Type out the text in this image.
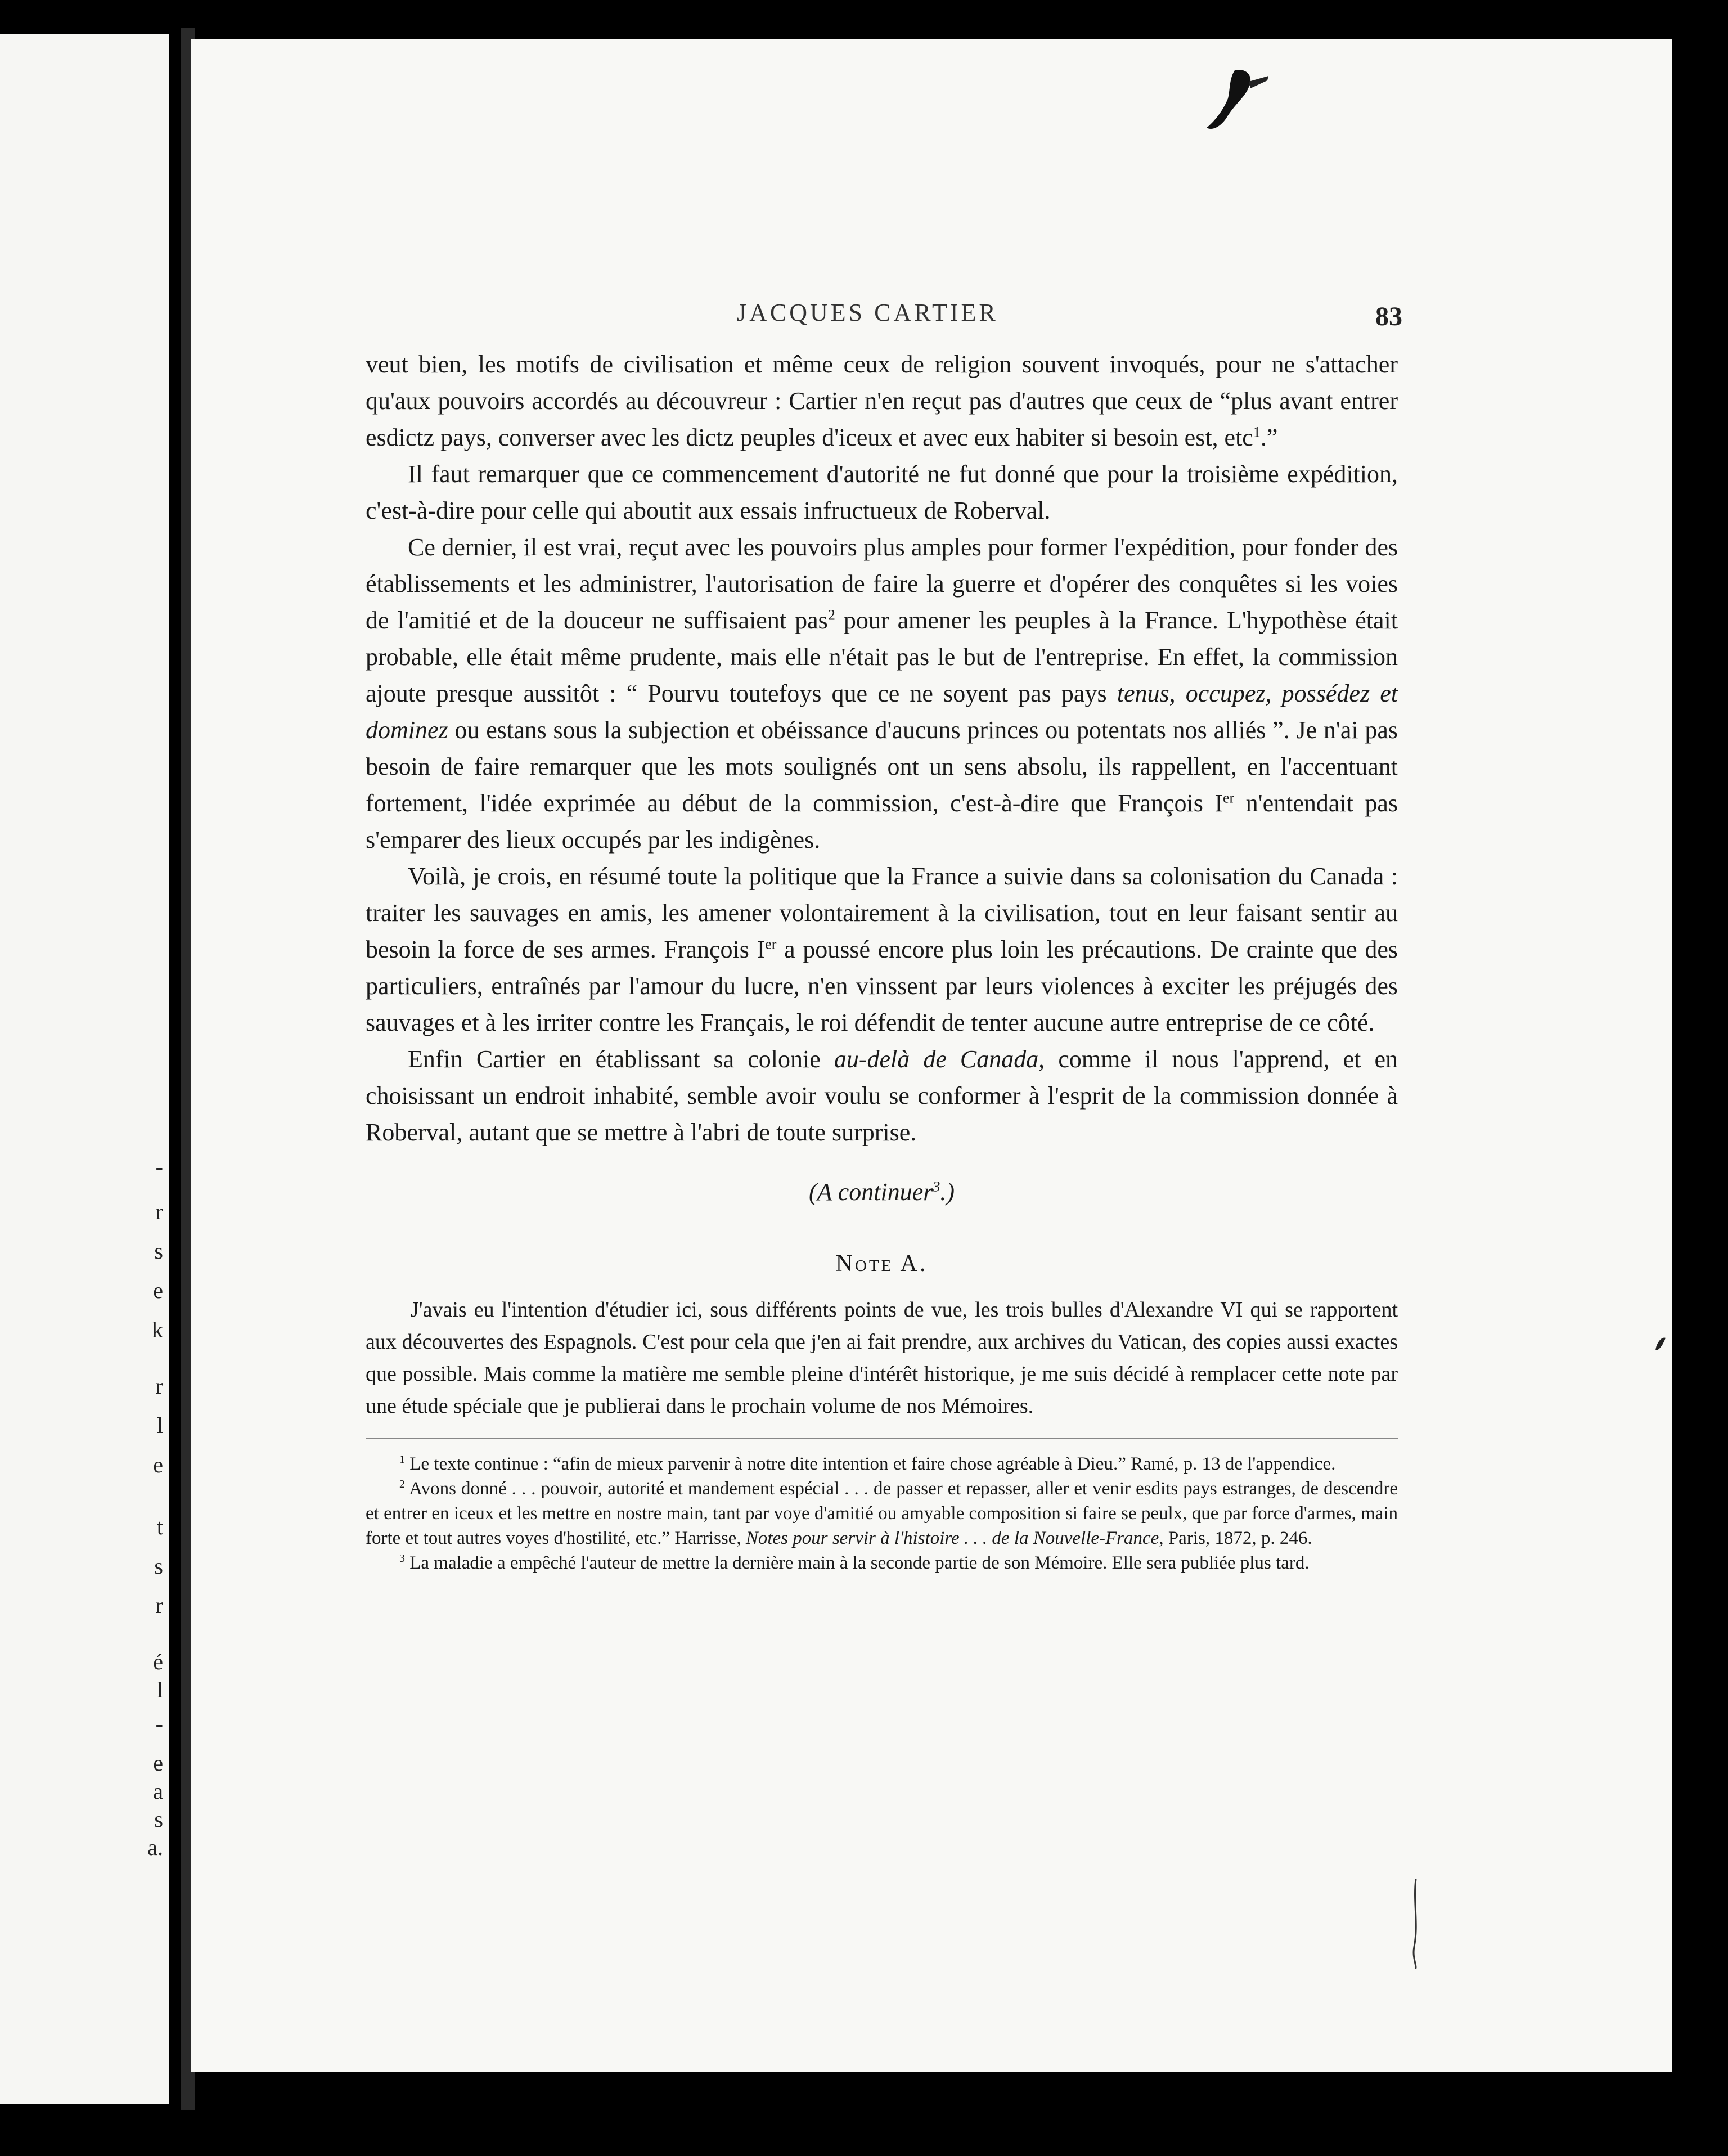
-
r
s
e
k
r
l
e
t
s
r
é
l
-
e
a
s
a.
JACQUES CARTIER	83

veut bien, les motifs de civilisation et même ceux de religion souvent invoqués, pour ne s'attacher qu'aux pouvoirs accordés au découvreur : Cartier n'en reçut pas d'autres que ceux de “plus avant entrer esdictz pays, converser avec les dictz peuples d'iceux et avec eux habiter si besoin est, etc$^1$.”

Il faut remarquer que ce commencement d'autorité ne fut donné que pour la troisième expédition, c'est-à-dire pour celle qui aboutit aux essais infructueux de Roberval.

Ce dernier, il est vrai, reçut avec les pouvoirs plus amples pour former l'expédition, pour fonder des établissements et les administrer, l'autorisation de faire la guerre et d'opérer des conquêtes si les voies de l'amitié et de la douceur ne suffisaient pas$^2$ pour amener les peuples à la France. L'hypothèse était probable, elle était même prudente, mais elle n'était pas le but de l'entreprise. En effet, la commission ajoute presque aussitôt : “ Pourvu toutefoys que ce ne soyent pas pays tenus, occupez, possédez et dominez ou estans sous la subjection et obéissance d'aucuns princes ou potentats nos alliés ”. Je n'ai pas besoin de faire remarquer que les mots soulignés ont un sens absolu, ils rappellent, en l'accentuant fortement, l'idée exprimée au début de la commission, c'est-à-dire que François Ier n'entendait pas s'emparer des lieux occupés par les indigènes.

Voilà, je crois, en résumé toute la politique que la France a suivie dans sa colonisation du Canada : traiter les sauvages en amis, les amener volontairement à la civilisation, tout en leur faisant sentir au besoin la force de ses armes. François Ier a poussé encore plus loin les précautions. De crainte que des particuliers, entraînés par l'amour du lucre, n'en vinssent par leurs violences à exciter les préjugés des sauvages et à les irriter contre les Français, le roi défendit de tenter aucune autre entreprise de ce côté.

Enfin Cartier en établissant sa colonie au-delà de Canada, comme il nous l'apprend, et en choisissant un endroit inhabité, semble avoir voulu se conformer à l'esprit de la commission donnée à Roberval, autant que se mettre à l'abri de toute surprise.

(A continuer$^3$.)
Note A.

J'avais eu l'intention d'étudier ici, sous différents points de vue, les trois bulles d'Alexandre VI qui se rapportent aux découvertes des Espagnols. C'est pour cela que j'en ai fait prendre, aux archives du Vatican, des copies aussi exactes que possible. Mais comme la matière me semble pleine d'intérêt historique, je me suis décidé à remplacer cette note par une étude spéciale que je publierai dans le prochain volume de nos Mémoires.

$^1$ Le texte continue : “afin de mieux parvenir à notre dite intention et faire chose agréable à Dieu.” Ramé, p. 13 de l'appendice.

$^2$ Avons donné . . . pouvoir, autorité et mandement espécial . . . de passer et repasser, aller et venir esdits pays estranges, de descendre et entrer en iceux et les mettre en nostre main, tant par voye d'amitié ou amyable composition si faire se peulx, que par force d'armes, main forte et tout autres voyes d'hostilité, etc.” Harrisse, Notes pour servir à l'histoire . . . de la Nouvelle-France, Paris, 1872, p. 246.

$^3$ La maladie a empêché l'auteur de mettre la dernière main à la seconde partie de son Mémoire. Elle sera publiée plus tard.
